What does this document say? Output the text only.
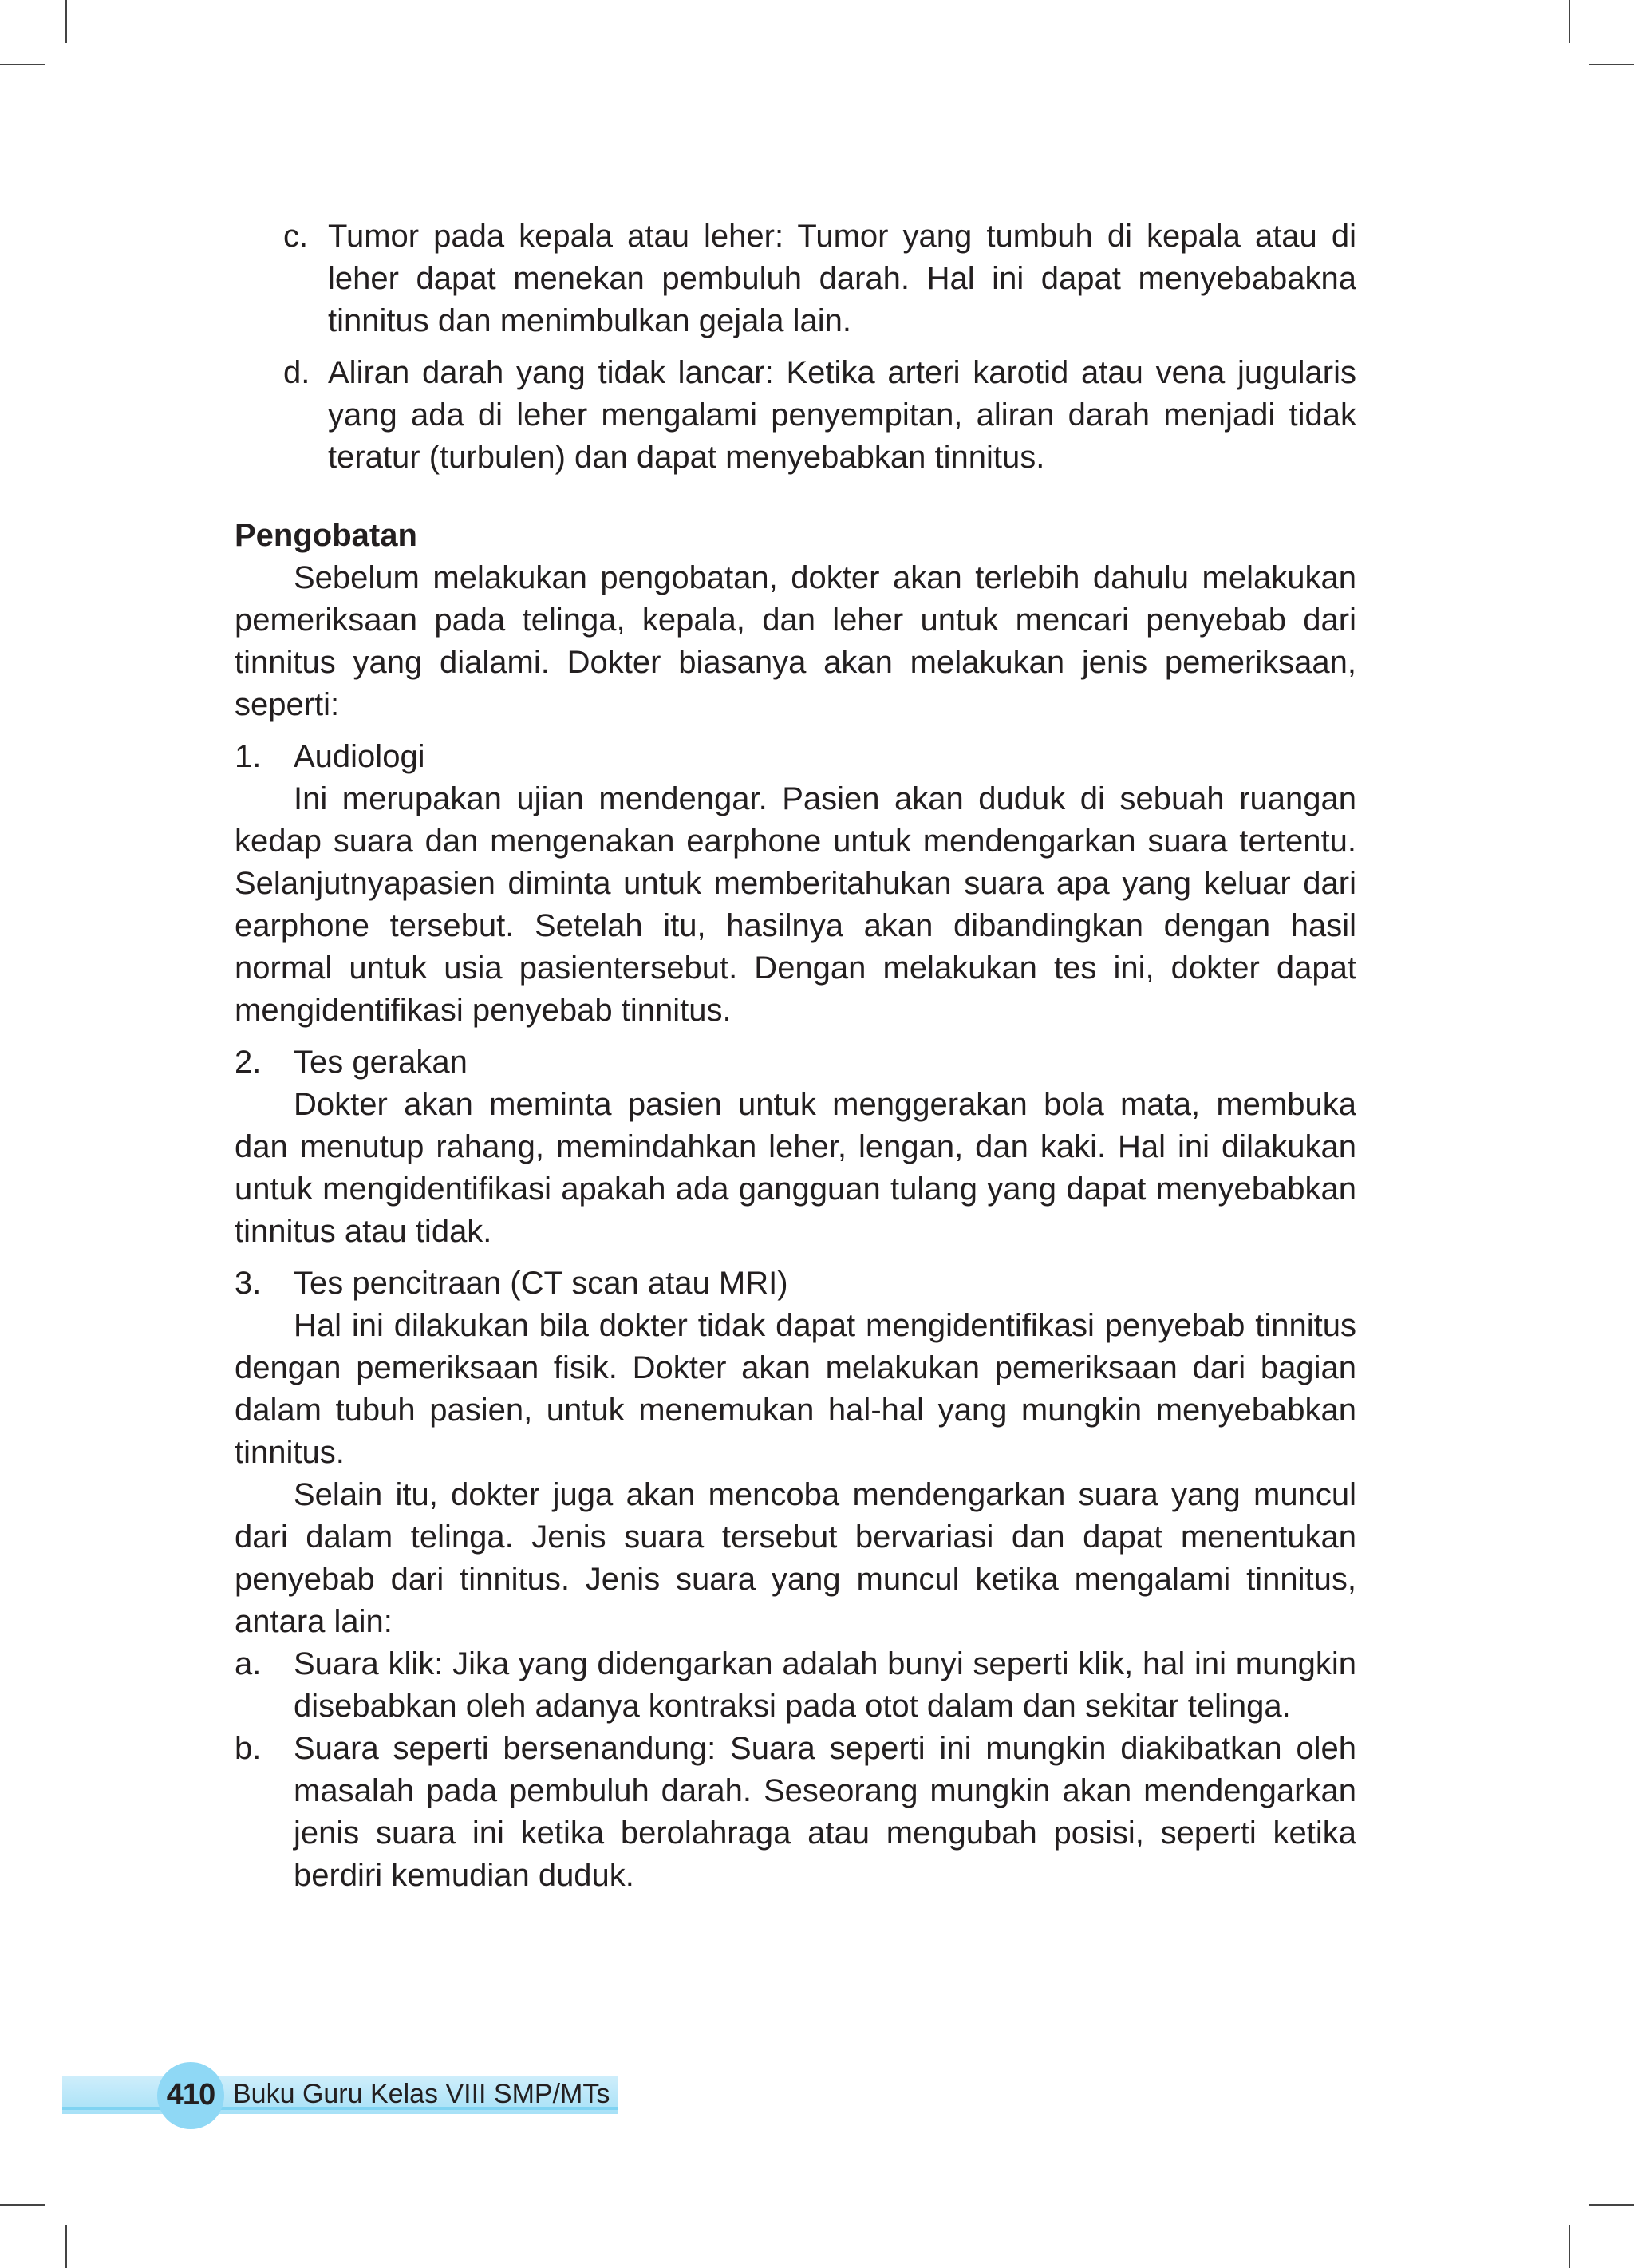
c. Tumor pada kepala atau leher: Tumor yang tumbuh di kepala atau di leher dapat menekan pembuluh darah. Hal ini dapat menyebabakna tinnitus dan menimbulkan gejala lain.
d. Aliran darah yang tidak lancar: Ketika arteri karotid atau vena jugularis yang ada di leher mengalami penyempitan, aliran darah menjadi tidak teratur (turbulen) dan dapat menyebabkan tinnitus.
Pengobatan

Sebelum melakukan pengobatan, dokter akan terlebih dahulu melakukan pemeriksaan pada telinga, kepala, dan leher untuk mencari penyebab dari tinnitus yang dialami. Dokter biasanya akan melakukan jenis pemeriksaan, seperti:

1.	Audiologi

Ini merupakan ujian mendengar. Pasien akan duduk di sebuah ruangan kedap suara dan mengenakan earphone untuk mendengarkan suara tertentu. Selanjutnyapasien diminta untuk memberitahukan suara apa yang keluar dari earphone tersebut. Setelah itu, hasilnya akan dibandingkan dengan hasil normal untuk usia pasientersebut. Dengan melakukan tes ini, dokter dapat mengidentifikasi penyebab tinnitus.

2.	Tes gerakan

Dokter akan meminta pasien untuk menggerakan bola mata, membuka dan menutup rahang, memindahkan leher, lengan, dan kaki. Hal ini dilakukan untuk mengidentifikasi apakah ada gangguan tulang yang dapat menyebabkan tinnitus atau tidak.

3.	Tes pencitraan (CT scan atau MRI)

Hal ini dilakukan bila dokter tidak dapat mengidentifikasi penyebab tinnitus dengan pemeriksaan fisik. Dokter akan melakukan pemeriksaan dari bagian dalam tubuh pasien, untuk menemukan hal-hal yang mungkin menyebabkan tinnitus.

Selain itu, dokter juga akan mencoba mendengarkan suara yang muncul dari dalam telinga. Jenis suara tersebut bervariasi dan dapat menentukan penyebab dari tinnitus. Jenis suara yang muncul ketika mengalami tinnitus, antara lain:

a.	Suara klik: Jika yang didengarkan adalah bunyi seperti klik, hal ini mungkin disebabkan oleh adanya kontraksi pada otot dalam dan sekitar telinga.
b.	Suara seperti bersenandung: Suara seperti ini mungkin diakibatkan oleh masalah pada pembuluh darah. Seseorang mungkin akan mendengarkan jenis suara ini ketika berolahraga atau mengubah posisi, seperti ketika berdiri kemudian duduk.
410 Buku Guru Kelas VIII SMP/MTs
